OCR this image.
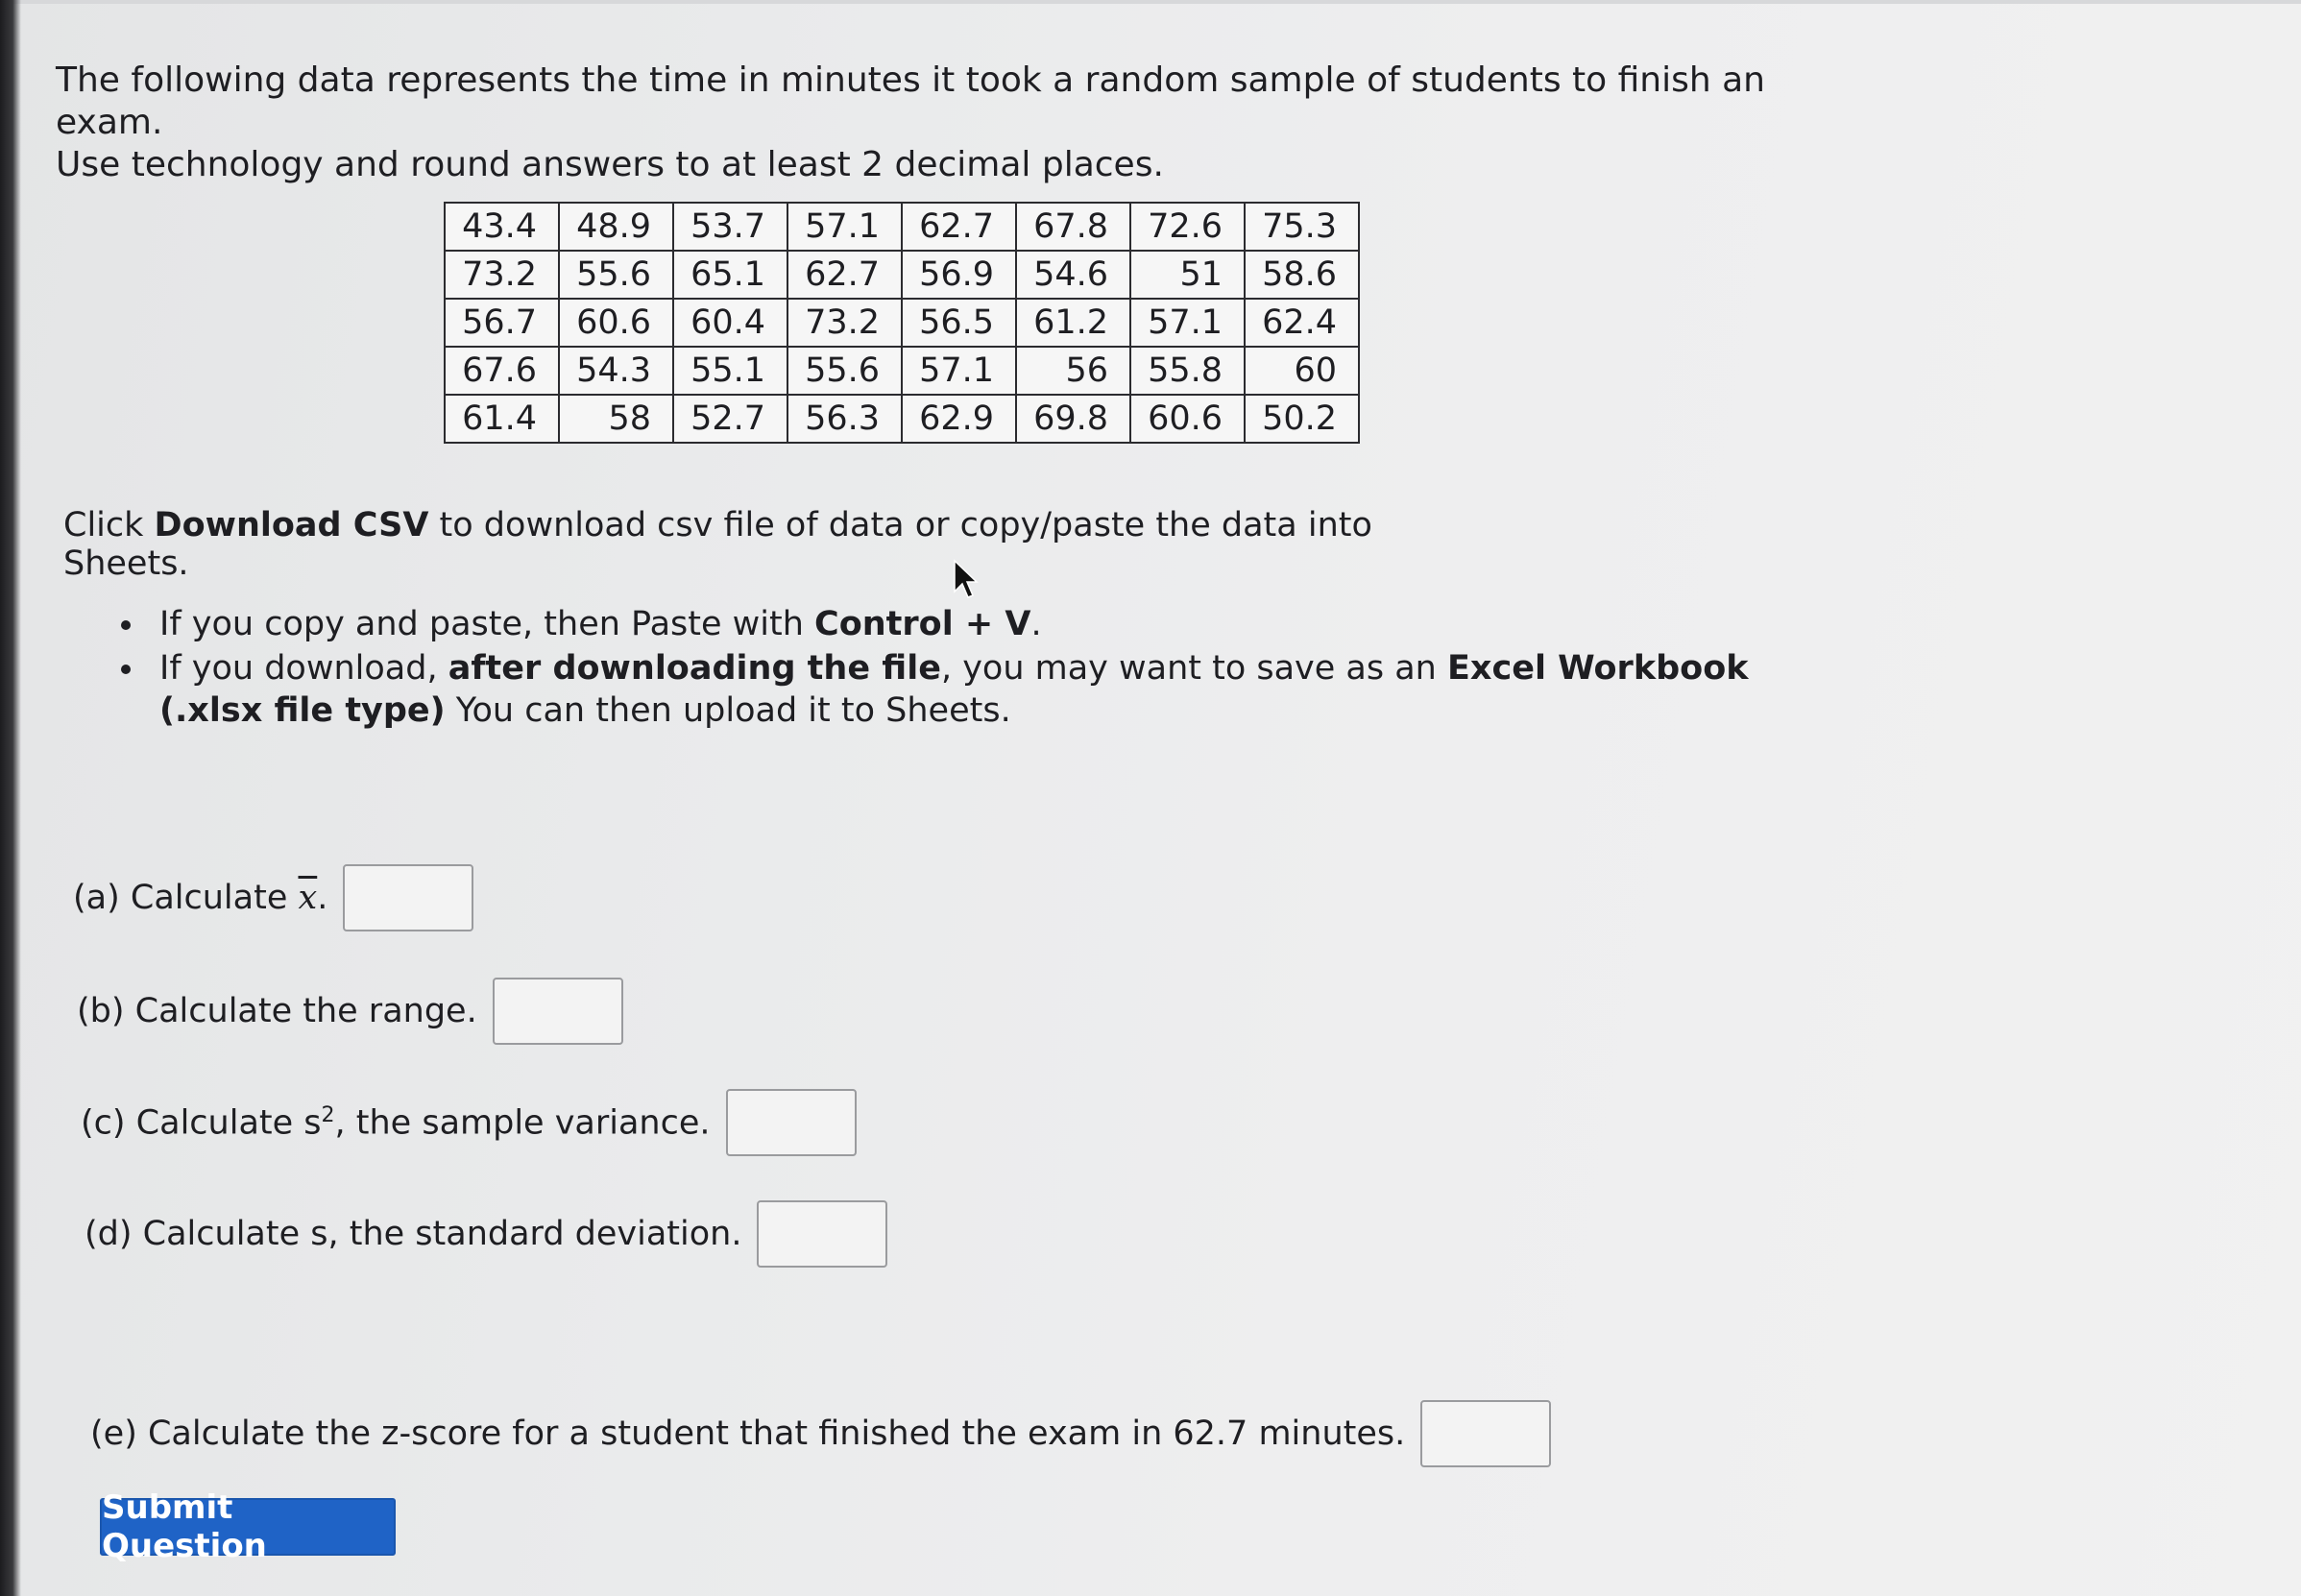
The following data represents the time in minutes it took a random sample of students to finish an exam.
Use technology and round answers to at least 2 decimal places.
43.4	48.9	53.7	57.1	62.7	67.8	72.6	75.3
73.2	55.6	65.1	62.7	56.9	54.6	51	58.6
56.7	60.6	60.4	73.2	56.5	61.2	57.1	62.4
67.6	54.3	55.1	55.6	57.1	56	55.8	60
61.4	58	52.7	56.3	62.9	69.8	60.6	50.2

Click Download CSV to download csv file of data or copy/paste the data into Sheets.

If you copy and paste, then Paste with Control + V.
If you download, after downloading the file, you may want to save as an Excel Workbook (.xlsx file type) You can then upload it to Sheets.
(a) Calculate $\overline{x}$.
(b) Calculate the range.
(c) Calculate $s^2$, the sample variance.
(d) Calculate s, the standard deviation.
(e) Calculate the z-score for a student that finished the exam in 62.7 minutes.
Submit Question
